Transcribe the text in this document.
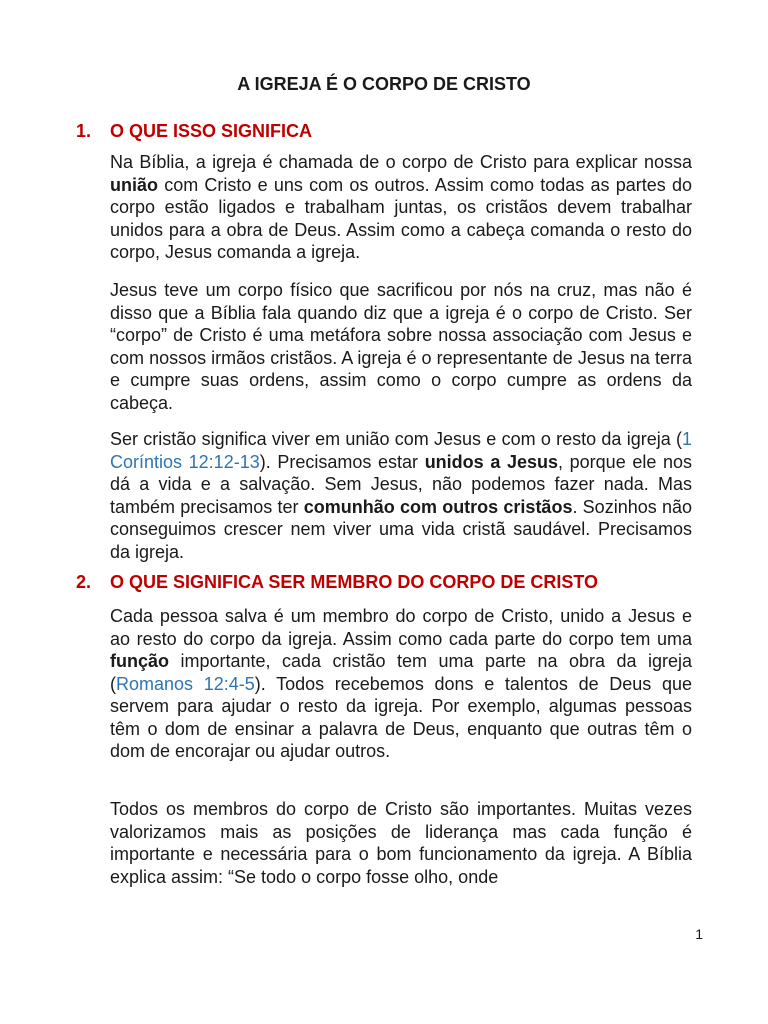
A IGREJA É O CORPO DE CRISTO
1. O QUE ISSO SIGNIFICA

Na Bíblia, a igreja é chamada de o corpo de Cristo para explicar nossa união com Cristo e uns com os outros. Assim como todas as partes do corpo estão ligados e trabalham juntas, os cristãos devem trabalhar unidos para a obra de Deus. Assim como a cabeça comanda o resto do corpo, Jesus comanda a igreja.

Jesus teve um corpo físico que sacrificou por nós na cruz, mas não é disso que a Bíblia fala quando diz que a igreja é o corpo de Cristo. Ser “corpo” de Cristo é uma metáfora sobre nossa associação com Jesus e com nossos irmãos cristãos. A igreja é o representante de Jesus na terra e cumpre suas ordens, assim como o corpo cumpre as ordens da cabeça.

Ser cristão significa viver em união com Jesus e com o resto da igreja (1 Coríntios 12:12-13). Precisamos estar unidos a Jesus, porque ele nos dá a vida e a salvação. Sem Jesus, não podemos fazer nada. Mas também precisamos ter comunhão com outros cristãos. Sozinhos não conseguimos crescer nem viver uma vida cristã saudável. Precisamos da igreja.

2. O QUE SIGNIFICA SER MEMBRO DO CORPO DE CRISTO

Cada pessoa salva é um membro do corpo de Cristo, unido a Jesus e ao resto do corpo da igreja. Assim como cada parte do corpo tem uma função importante, cada cristão tem uma parte na obra da igreja (Romanos 12:4-5). Todos recebemos dons e talentos de Deus que servem para ajudar o resto da igreja. Por exemplo, algumas pessoas têm o dom de ensinar a palavra de Deus, enquanto que outras têm o dom de encorajar ou ajudar outros.

Todos os membros do corpo de Cristo são importantes. Muitas vezes valorizamos mais as posições de liderança mas cada função é importante e necessária para o bom funcionamento da igreja. A Bíblia explica assim: “Se todo o corpo fosse olho, onde

1
